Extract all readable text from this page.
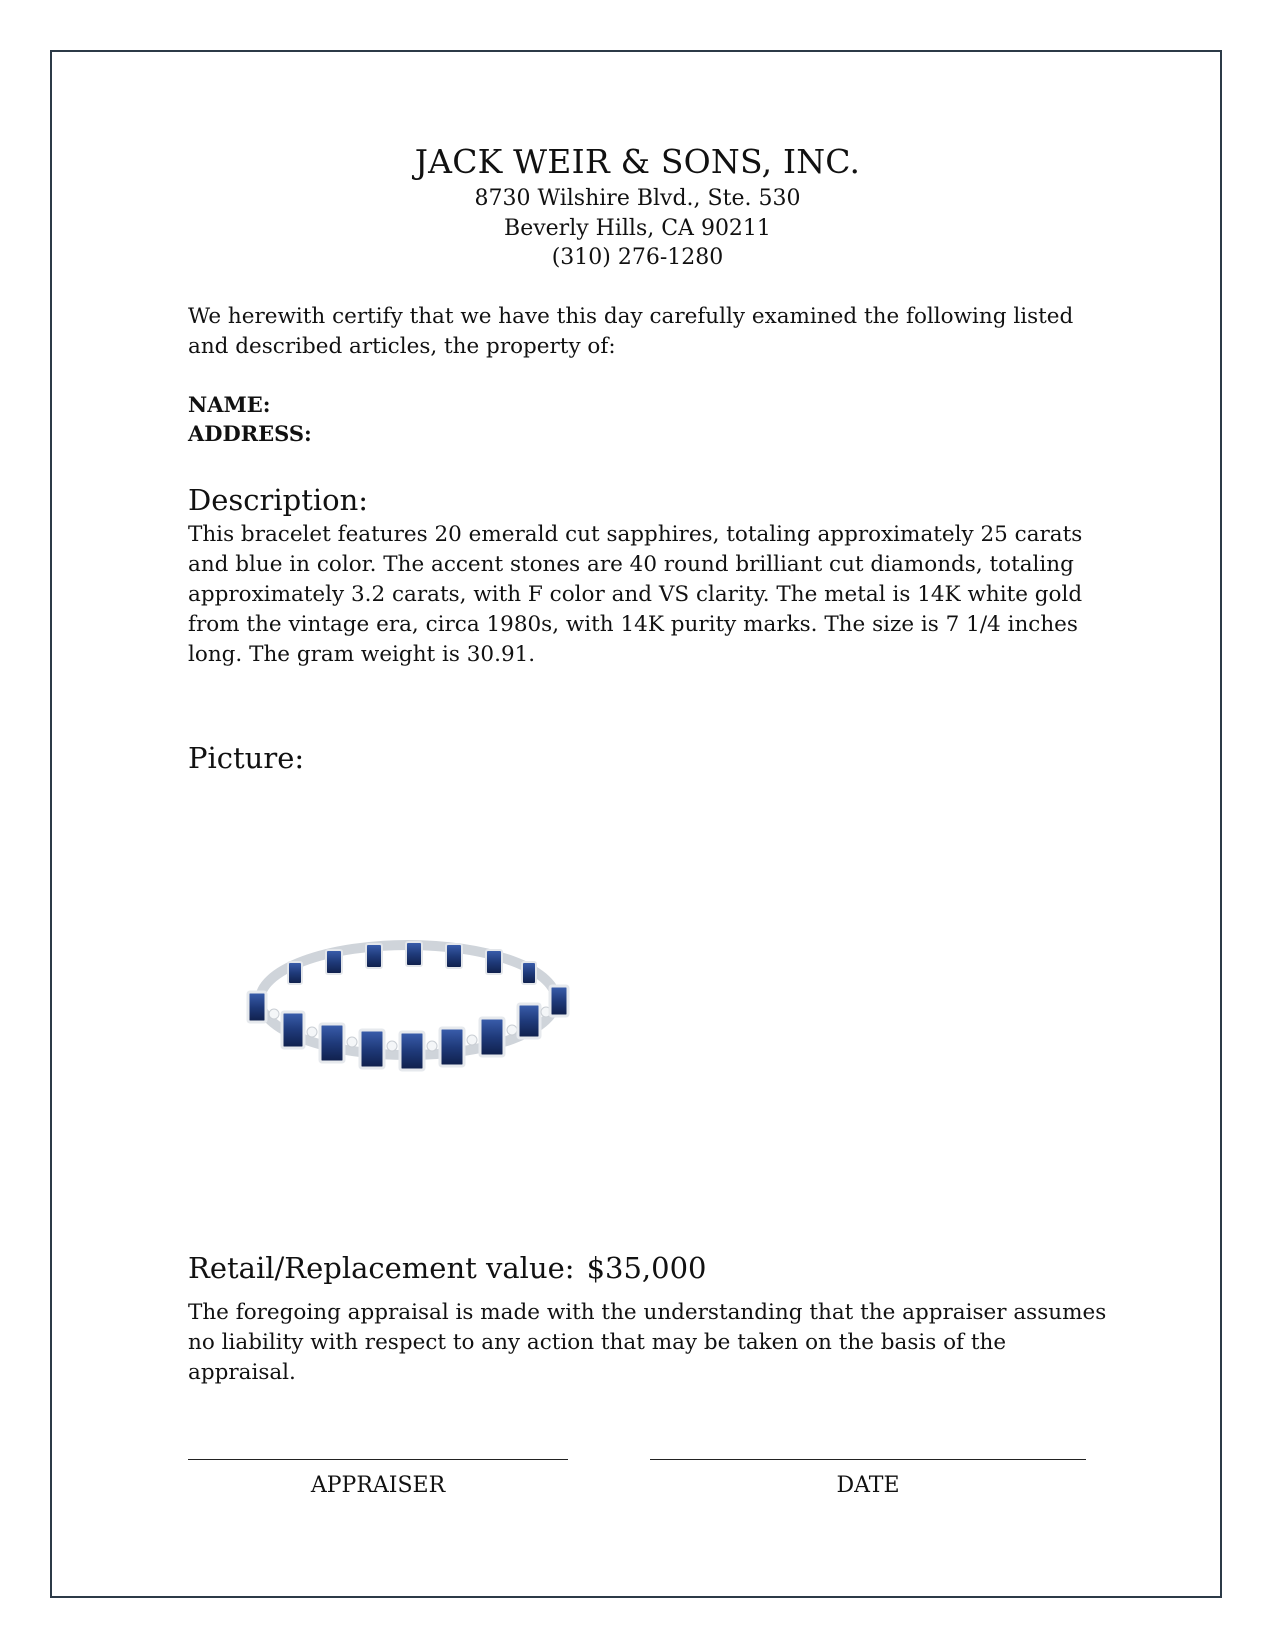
JACK WEIR & SONS, INC.
8730 Wilshire Blvd., Ste. 530
Beverly Hills, CA 90211
(310) 276-1280
We herewith certify that we have this day carefully examined the following listed and described articles, the property of:
NAME:
ADDRESS:
Description:
This bracelet features 20 emerald cut sapphires, totaling approximately 25 carats and blue in color. The accent stones are 40 round brilliant cut diamonds, totaling approximately 3.2 carats, with F color and VS clarity. The metal is 14K white gold from the vintage era, circa 1980s, with 14K purity marks. The size is 7 1/4 inches long. The gram weight is 30.91.
Picture:
Retail/Replacement value: $35,000
The foregoing appraisal is made with the understanding that the appraiser assumes no liability with respect to any action that may be taken on the basis of the appraisal.
APPRAISER	DATE
